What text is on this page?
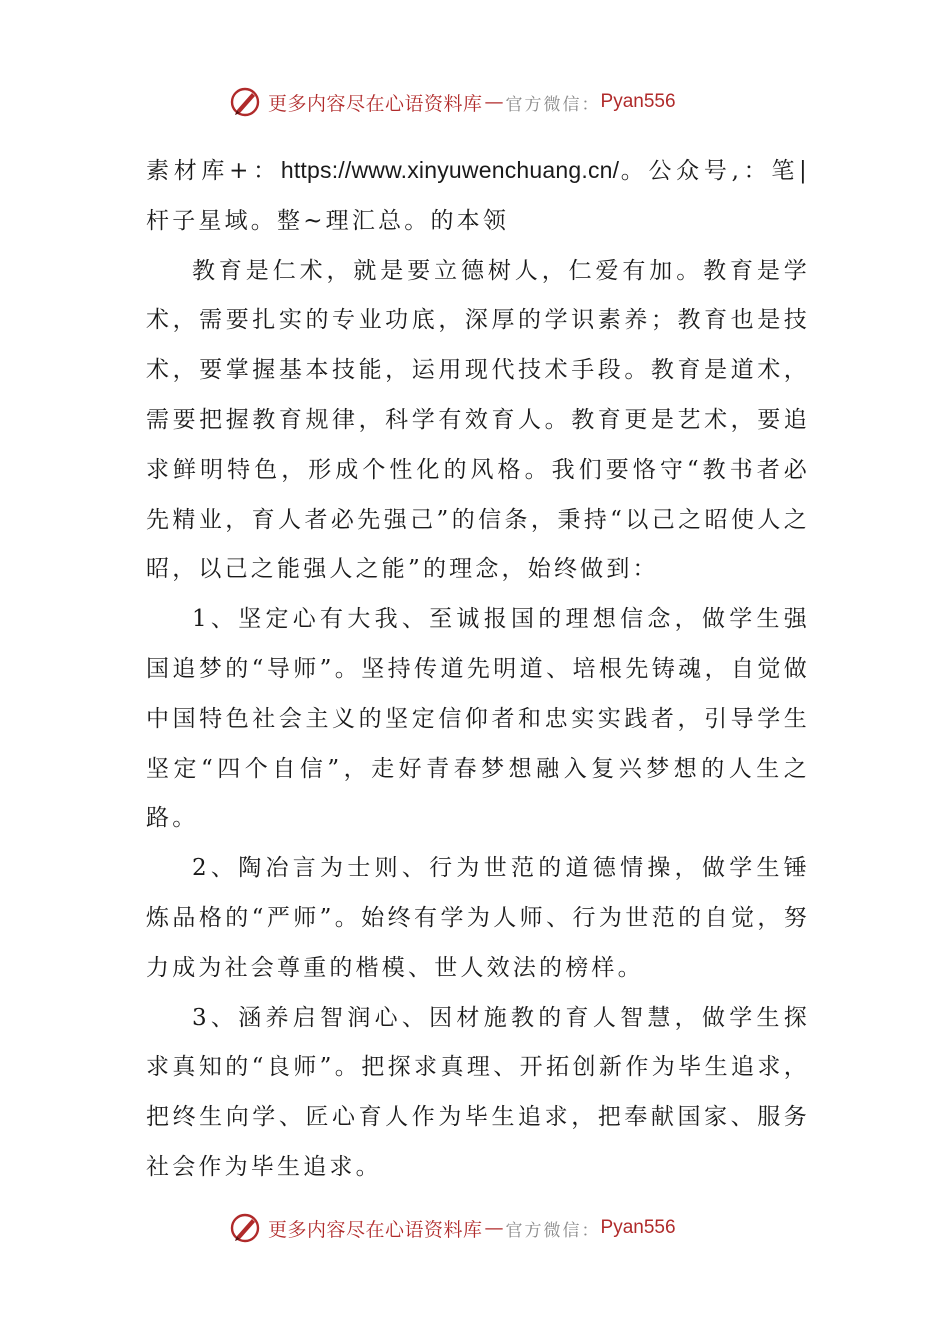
更多内容尽在心语资料库 — 官方微信： Pyan556

素材库+：https://www.xinyuwenchuang.cn/。公众号,：笔|杆子星域。整~理汇总。的本领

教育是仁术，就是要立德树人，仁爱有加。教育是学术，需要扎实的专业功底，深厚的学识素养；教育也是技术，要掌握基本技能，运用现代技术手段。教育是道术，需要把握教育规律，科学有效育人。教育更是艺术，要追求鲜明特色，形成个性化的风格。我们要恪守“教书者必先精业，育人者必先强己”的信条，秉持“以己之昭使人之昭，以己之能强人之能”的理念，始终做到：

1、坚定心有大我、至诚报国的理想信念，做学生强国追梦的“导师”。坚持传道先明道、培根先铸魂，自觉做中国特色社会主义的坚定信仰者和忠实实践者，引导学生坚定“四个自信”，走好青春梦想融入复兴梦想的人生之路。

2、陶冶言为士则、行为世范的道德情操，做学生锤炼品格的“严师”。始终有学为人师、行为世范的自觉，努力成为社会尊重的楷模、世人效法的榜样。

3、涵养启智润心、因材施教的育人智慧，做学生探求真知的“良师”。把探求真理、开拓创新作为毕生追求，把终生向学、匠心育人作为毕生追求，把奉献国家、服务社会作为毕生追求。

更多内容尽在心语资料库 — 官方微信： Pyan556
